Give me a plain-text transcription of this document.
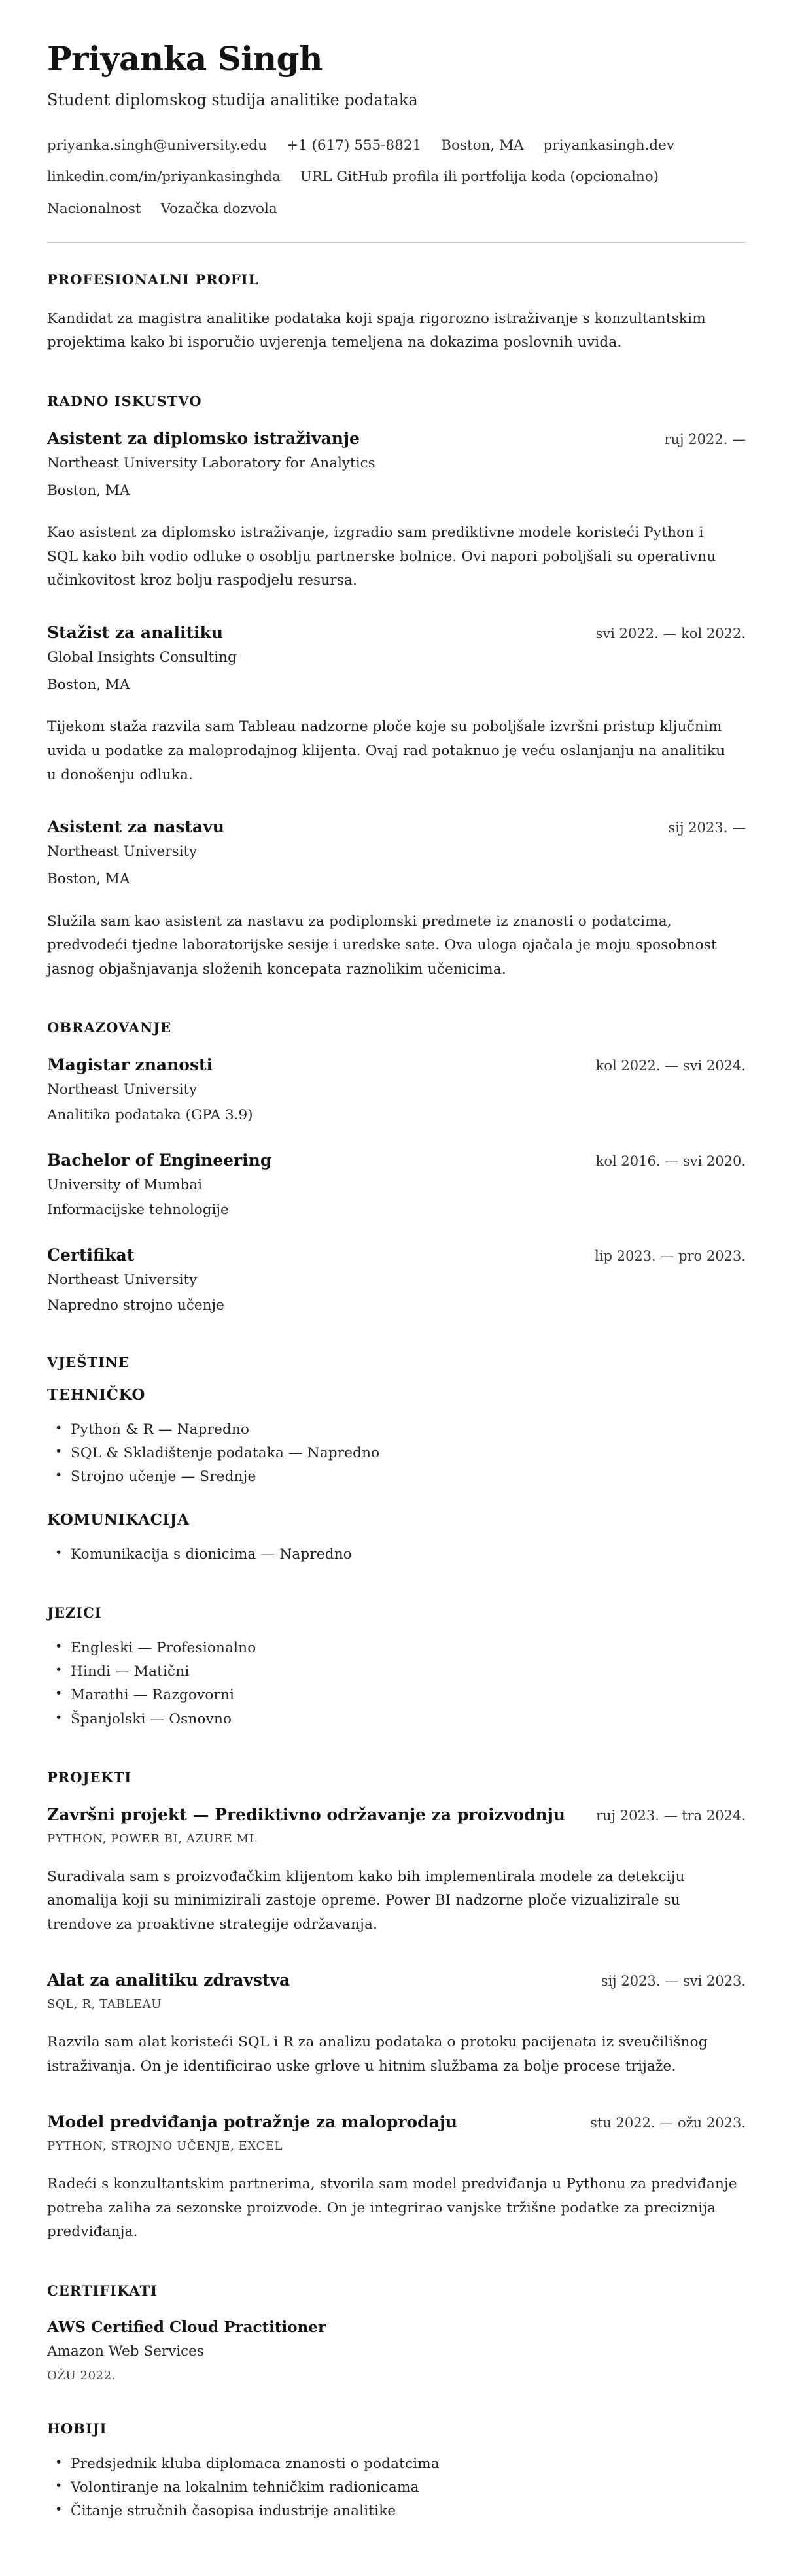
Priyanka Singh

Student diplomskog studija analitike podataka

priyanka.singh@university.edu +1 (617) 555-8821 Boston, MA priyankasingh.dev
linkedin.com/in/priyankasinghda URL GitHub profila ili portfolija koda (opcionalno)
Nacionalnost Vozačka dozvola
PROFESIONALNI PROFIL

Kandidat za magistra analitike podataka koji spaja rigorozno istraživanje s konzultantskim projektima kako bi isporučio uvjerenja temeljena na dokazima poslovnih uvida.

RADNO ISKUSTVO
Asistent za diplomsko istraživanje	ruj 2022. —

Northeast University Laboratory for Analytics

Boston, MA

Kao asistent za diplomsko istraživanje, izgradio sam prediktivne modele koristeći Python i SQL kako bih vodio odluke o osoblju partnerske bolnice. Ovi napori poboljšali su operativnu učinkovitost kroz bolju raspodjelu resursa.

Stažist za analitiku	svi 2022. — kol 2022.

Global Insights Consulting

Boston, MA

Tijekom staža razvila sam Tableau nadzorne ploče koje su poboljšale izvršni pristup ključnim uvida u podatke za maloprodajnog klijenta. Ovaj rad potaknuo je veću oslanjanju na analitiku u donošenju odluka.

Asistent za nastavu	sij 2023. —

Northeast University

Boston, MA

Služila sam kao asistent za nastavu za podiplomski predmete iz znanosti o podatcima, predvodeći tjedne laboratorijske sesije i uredske sate. Ova uloga ojačala je moju sposobnost jasnog objašnjavanja složenih koncepata raznolikim učenicima.

OBRAZOVANJE
Magistar znanosti	kol 2022. — svi 2024.

Northeast University

Analitika podataka (GPA 3.9)

Bachelor of Engineering	kol 2016. — svi 2020.

University of Mumbai

Informacijske tehnologije

Certifikat	lip 2023. — pro 2023.

Northeast University

Napredno strojno učenje

VJEŠTINE
TEHNIČKO
• Python & R — Napredno
• SQL & Skladištenje podataka — Napredno
• Strojno učenje — Srednje
KOMUNIKACIJA
• Komunikacija s dionicima — Napredno
JEZICI
• Engleski — Profesionalno
• Hindi — Matični
• Marathi — Razgovorni
• Španjolski — Osnovno
PROJEKTI
Završni projekt — Prediktivno održavanje za proizvodnju	ruj 2023. — tra 2024.

PYTHON, POWER BI, AZURE ML

Suradivala sam s proizvođačkim klijentom kako bih implementirala modele za detekciju anomalija koji su minimizirali zastoje opreme. Power BI nadzorne ploče vizualizirale su trendove za proaktivne strategije održavanja.

Alat za analitiku zdravstva	sij 2023. — svi 2023.

SQL, R, TABLEAU

Razvila sam alat koristeći SQL i R za analizu podataka o protoku pacijenata iz sveučilišnog istraživanja. On je identificirao uske grlove u hitnim službama za bolje procese trijaže.

Model predviđanja potražnje za maloprodaju	stu 2022. — ožu 2023.

PYTHON, STROJNO UČENJE, EXCEL

Radeći s konzultantskim partnerima, stvorila sam model predviđanja u Pythonu za predviđanje potreba zaliha za sezonske proizvode. On je integrirao vanjske tržišne podatke za preciznija predviđanja.

CERTIFIKATI
AWS Certified Cloud Practitioner

Amazon Web Services

OŽU 2022.

HOBIJI
• Predsjednik kluba diplomaca znanosti o podatcima
• Volontiranje na lokalnim tehničkim radionicama
• Čitanje stručnih časopisa industrije analitike
